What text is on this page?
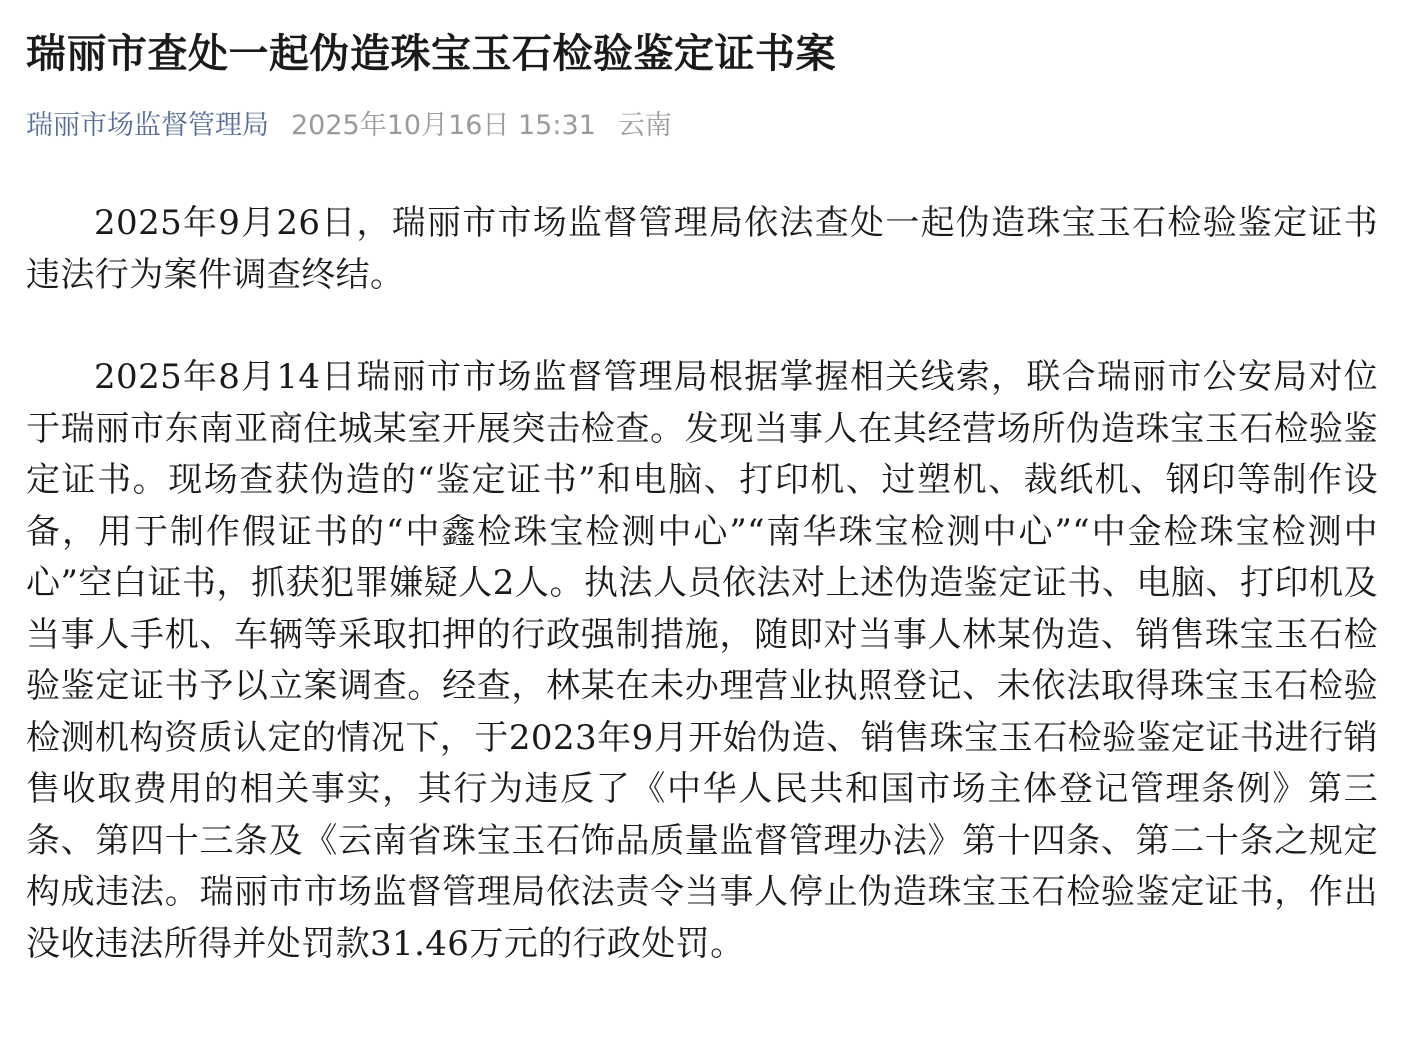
瑞丽市查处一起伪造珠宝玉石检验鉴定证书案
瑞丽市场监督管理局 2025年10月16日 15:31 云南

2025年9月26日，瑞丽市市场监督管理局依法查处一起伪造珠宝玉石检验鉴定证书违法行为案件调查终结。

2025年8月14日瑞丽市市场监督管理局根据掌握相关线索，联合瑞丽市公安局对位于瑞丽市东南亚商住城某室开展突击检查。发现当事人在其经营场所伪造珠宝玉石检验鉴定证书。现场查获伪造的“鉴定证书”和电脑、打印机、过塑机、裁纸机、钢印等制作设备，用于制作假证书的“中鑫检珠宝检测中心”“南华珠宝检测中心”“中金检珠宝检测中心”空白证书，抓获犯罪嫌疑人2人。执法人员依法对上述伪造鉴定证书、电脑、打印机及当事人手机、车辆等采取扣押的行政强制措施，随即对当事人林某伪造、销售珠宝玉石检验鉴定证书予以立案调查。经查，林某在未办理营业执照登记、未依法取得珠宝玉石检验检测机构资质认定的情况下，于2023年9月开始伪造、销售珠宝玉石检验鉴定证书进行销售收取费用的相关事实，其行为违反了《中华人民共和国市场主体登记管理条例》第三条、第四十三条及《云南省珠宝玉石饰品质量监督管理办法》第十四条、第二十条之规定构成违法。瑞丽市市场监督管理局依法责令当事人停止伪造珠宝玉石检验鉴定证书，作出没收违法所得并处罚款31.46万元的行政处罚。
